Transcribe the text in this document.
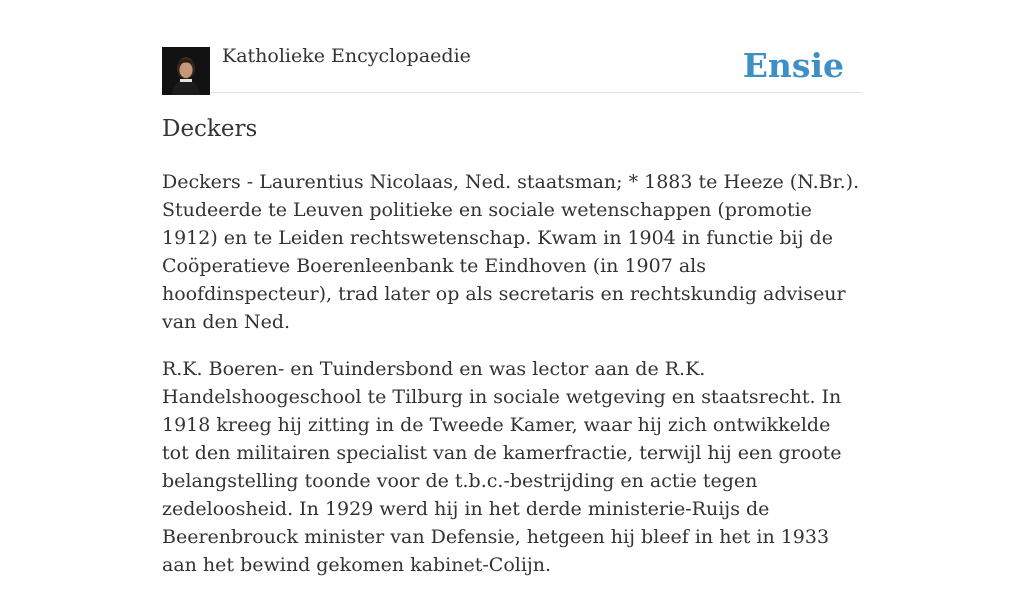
Katholieke Encyclopaedie	Ensie
Deckers

Deckers - Laurentius Nicolaas, Ned. staatsman; * 1883 te Heeze (N.Br.). Studeerde te Leuven politieke en sociale wetenschappen (promotie 1912) en te Leiden rechtswetenschap. Kwam in 1904 in functie bij de Coöperatieve Boerenleenbank te Eindhoven (in 1907 als hoofdinspecteur), trad later op als secretaris en rechtskundig adviseur van den Ned.

R.K. Boeren- en Tuindersbond en was lector aan de R.K. Handelshoogeschool te Tilburg in sociale wetgeving en staatsrecht. In 1918 kreeg hij zitting in de Tweede Kamer, waar hij zich ontwikkelde tot den militairen specialist van de kamerfractie, terwijl hij een groote belangstelling toonde voor de t.b.c.-bestrijding en actie tegen zedeloosheid. In 1929 werd hij in het derde ministerie-Ruijs de Beerenbrouck minister van Defensie, hetgeen hij bleef in het in 1933 aan het bewind gekomen kabinet-Colijn.
